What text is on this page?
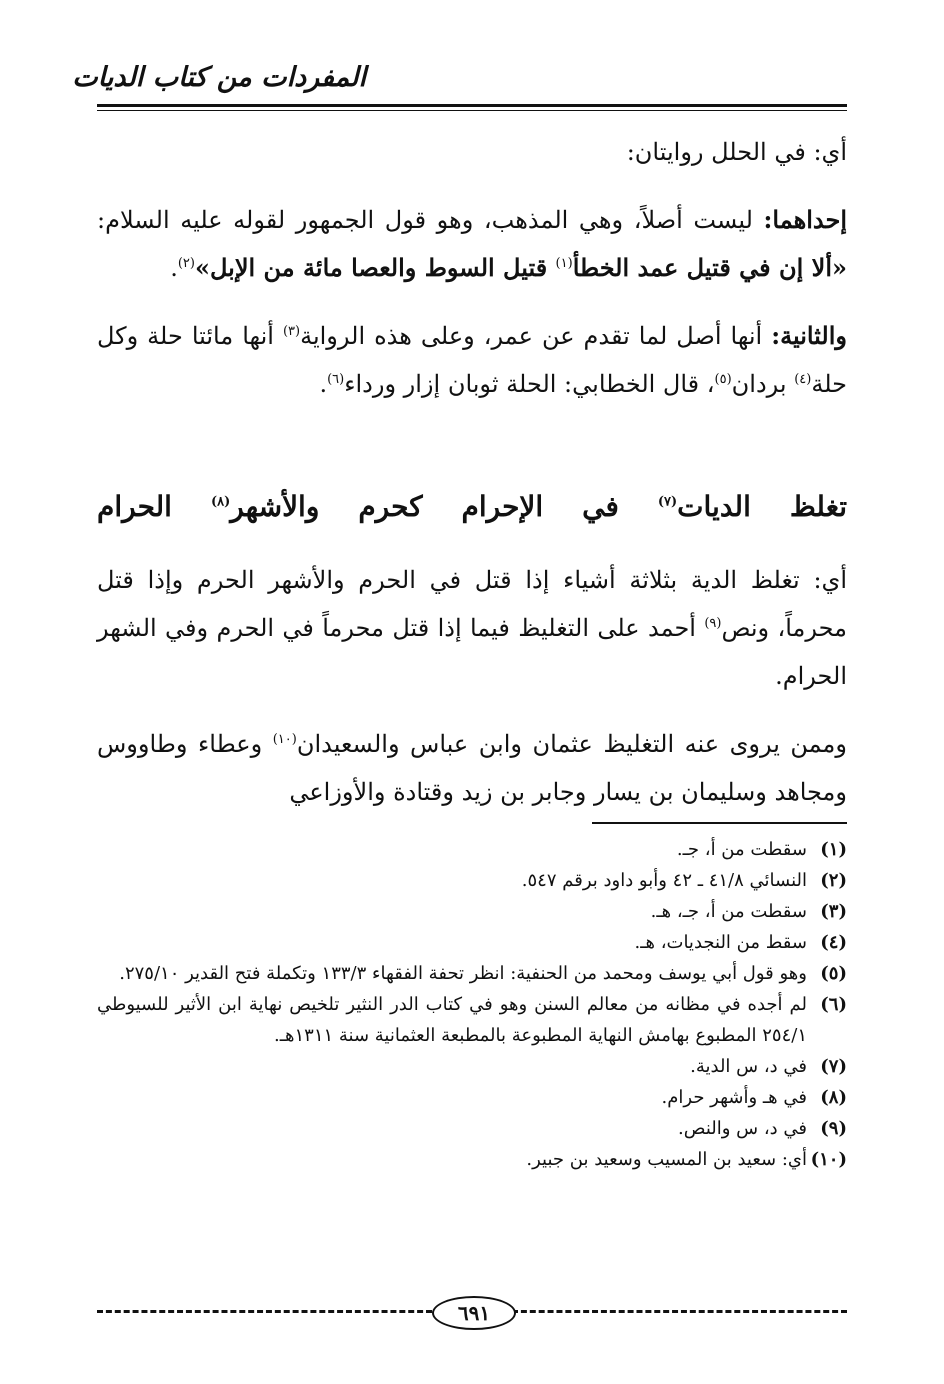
المفردات من كتاب الديات

أي: في الحلل روايتان:

إحداهما: ليست أصلاً، وهي المذهب، وهو قول الجمهور لقوله عليه السلام: «ألا إن في قتيل عمد الخطأ$^{(١)}$ قتيل السوط والعصا مائة من الإبل»$^{(٢)}$.

والثانية: أنها أصل لما تقدم عن عمر، وعلى هذه الرواية$^{(٣)}$ أنها مائتا حلة وكل حلة$^{(٤)}$ بردان$^{(٥)}$، قال الخطابي: الحلة ثوبان إزار ورداء$^{(٦)}$.

تغلظ الديات$^{(٧)}$ في الإحرام كحرم والأشهر$^{(٨)}$ الحرام

أي: تغلظ الدية بثلاثة أشياء إذا قتل في الحرم والأشهر الحرم وإذا قتل محرماً، ونص$^{(٩)}$ أحمد على التغليظ فيما إذا قتل محرماً في الحرم وفي الشهر الحرام.

وممن يروى عنه التغليظ عثمان وابن عباس والسعيدان$^{(١٠)}$ وعطاء وطاووس ومجاهد وسليمان بن يسار وجابر بن زيد وقتادة والأوزاعي

(١)
سقطت من أ، جـ.
(٢)
النسائي ٤١/٨ ـ ٤٢ وأبو داود برقم ٥٤٧.
(٣)
سقطت من أ، جـ، هـ.
(٤)
سقط من النجديات، هـ.
(٥)
وهو قول أبي يوسف ومحمد من الحنفية: انظر تحفة الفقهاء ١٣٣/٣ وتكملة فتح القدير ٢٧٥/١٠.
(٦)
لم أجده في مظانه من معالم السنن وهو في كتاب الدر النثير تلخيص نهاية ابن الأثير للسيوطي ٢٥٤/١ المطبوع بهامش النهاية المطبوعة بالمطبعة العثمانية سنة ١٣١١هـ.
(٧)
في د، س الدية.
(٨)
في هـ وأشهر حرام.
(٩)
في د، س والنص.
(١٠)
أي: سعيد بن المسيب وسعيد بن جبير.
٦٩١
